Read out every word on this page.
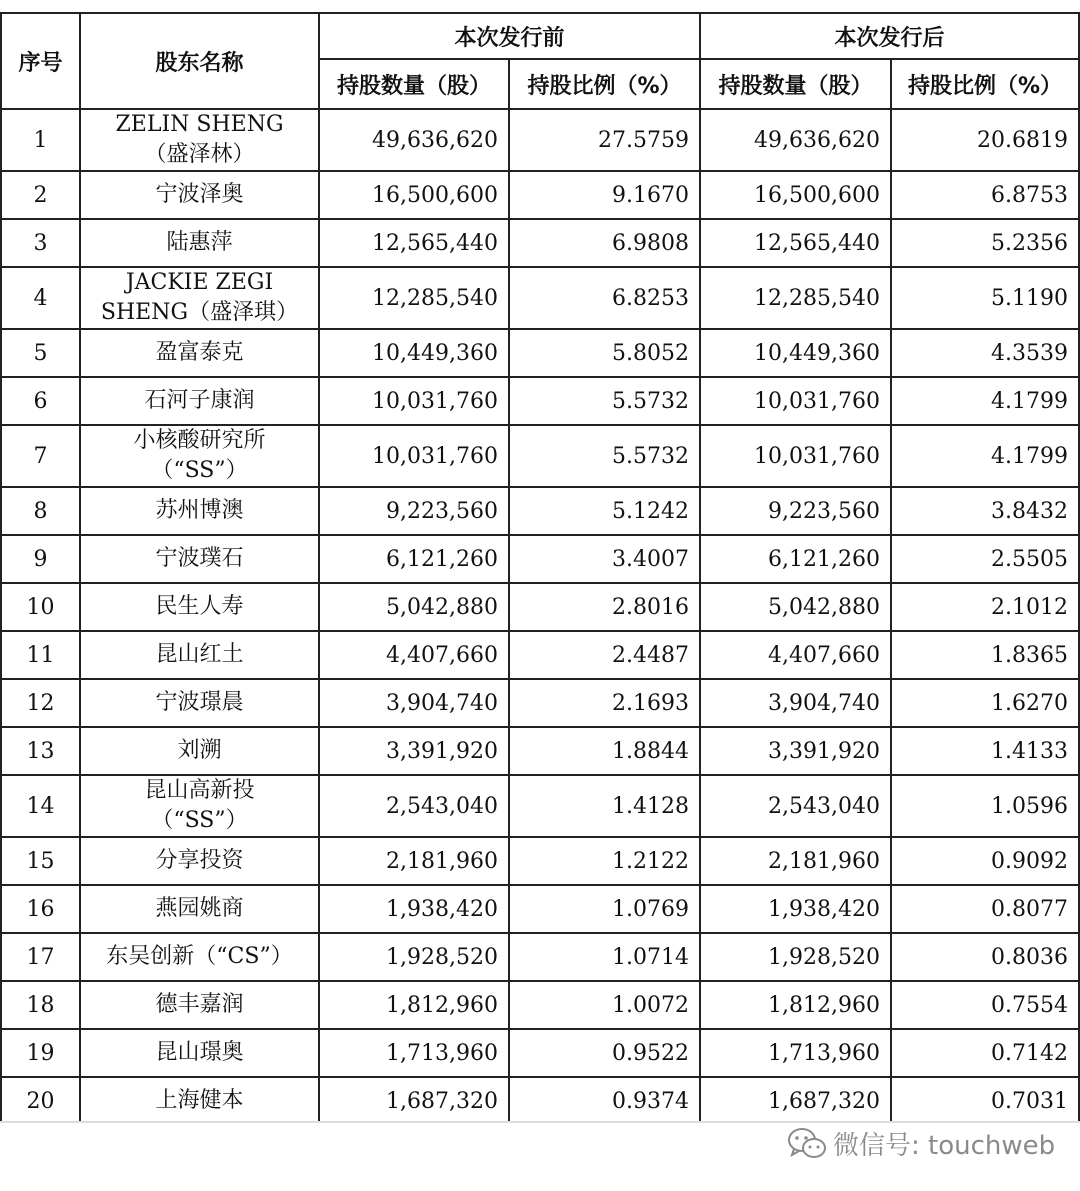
序号	股东名称	本次发行前		本次发行后	
		持股数量（股）	持股比例（%）	持股数量（股）	持股比例（%）
1	ZELIN SHENG
（盛泽林）	49,636,620	27.5759	49,636,620	20.6819
2	宁波泽奥	16,500,600	9.1670	16,500,600	6.8753
3	陆惠萍	12,565,440	6.9808	12,565,440	5.2356
4	JACKIE ZEGI
SHENG（盛泽琪）	12,285,540	6.8253	12,285,540	5.1190
5	盈富泰克	10,449,360	5.8052	10,449,360	4.3539
6	石河子康润	10,031,760	5.5732	10,031,760	4.1799
7	小核酸研究所
（“SS”）	10,031,760	5.5732	10,031,760	4.1799
8	苏州博澳	9,223,560	5.1242	9,223,560	3.8432
9	宁波璞石	6,121,260	3.4007	6,121,260	2.5505
10	民生人寿	5,042,880	2.8016	5,042,880	2.1012
11	昆山红土	4,407,660	2.4487	4,407,660	1.8365
12	宁波璟晨	3,904,740	2.1693	3,904,740	1.6270
13	刘溯	3,391,920	1.8844	3,391,920	1.4133
14	昆山高新投
（“SS”）	2,543,040	1.4128	2,543,040	1.0596
15	分享投资	2,181,960	1.2122	2,181,960	0.9092
16	燕园姚商	1,938,420	1.0769	1,938,420	0.8077
17	东吴创新（“CS”）	1,928,520	1.0714	1,928,520	0.8036
18	德丰嘉润	1,812,960	1.0072	1,812,960	0.7554
19	昆山璟奥	1,713,960	0.9522	1,713,960	0.7142
20	上海健本	1,687,320	0.9374	1,687,320	0.7031

微信号: touchweb
